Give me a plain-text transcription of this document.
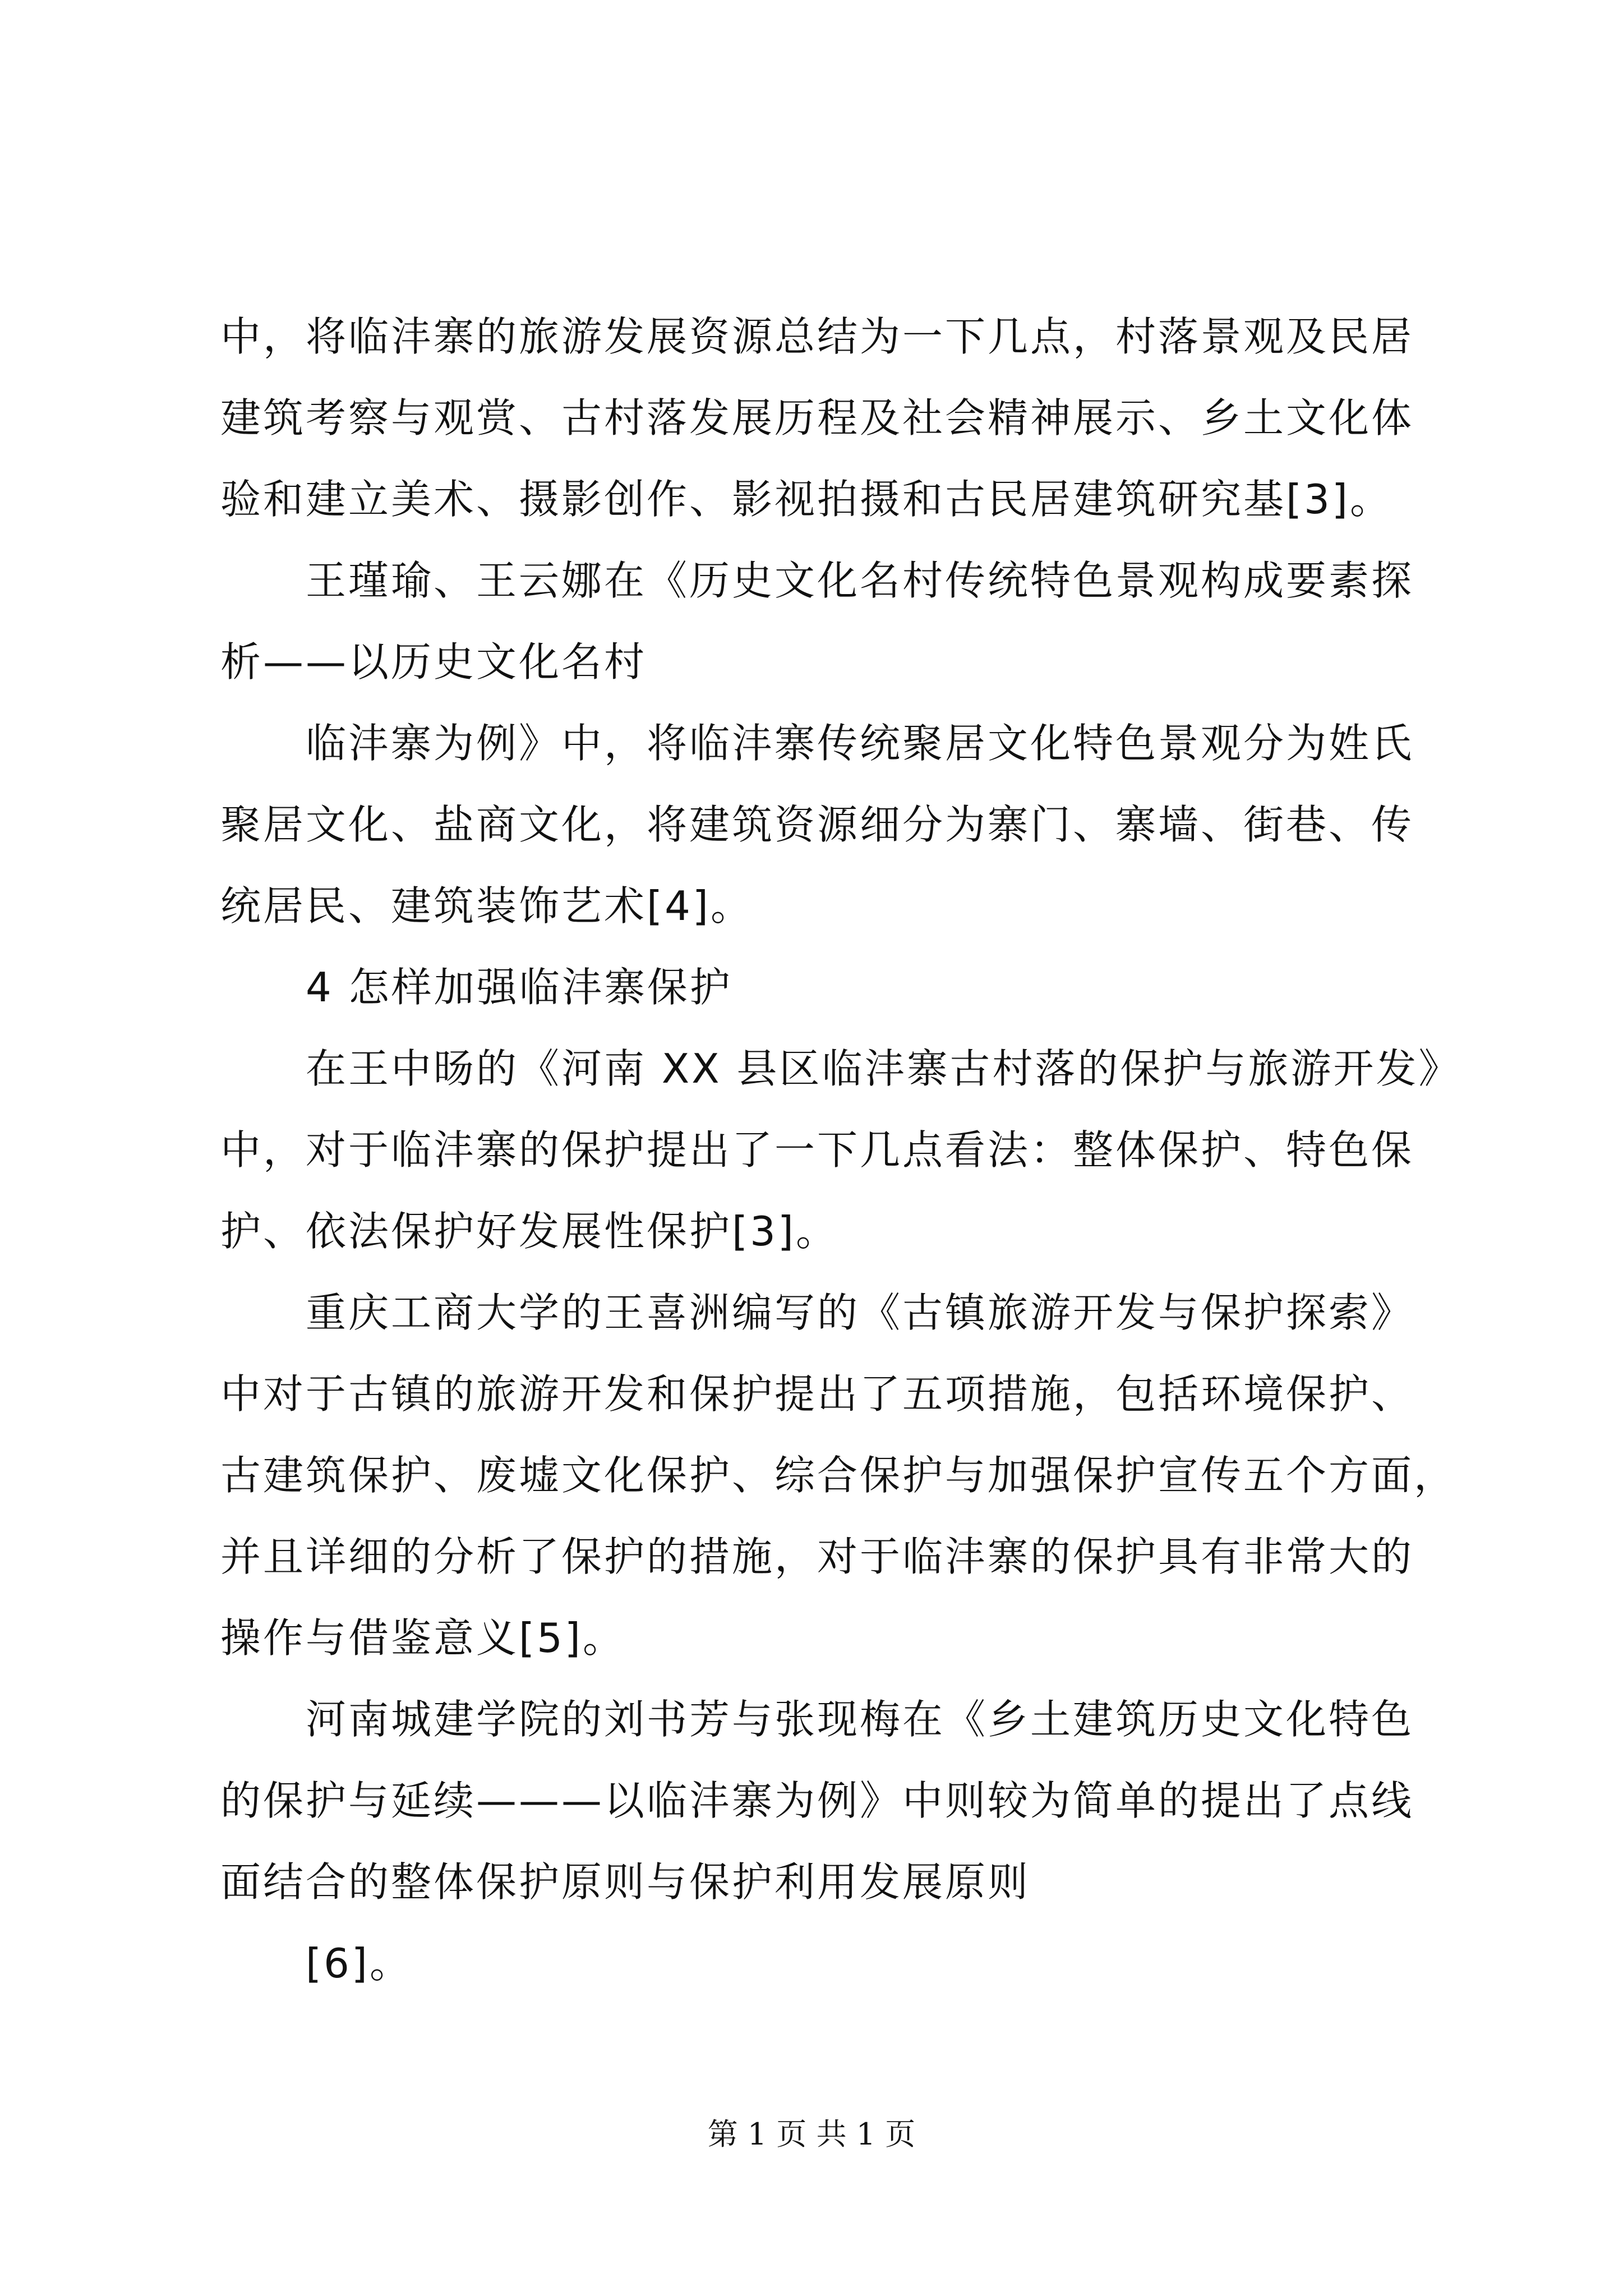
中，将临沣寨的旅游发展资源总结为一下几点，村落景观及民居
建筑考察与观赏、古村落发展历程及社会精神展示、乡土文化体
验和建立美术、摄影创作、影视拍摄和古民居建筑研究基[3]。
王瑾瑜、王云娜在《历史文化名村传统特色景观构成要素探
析——以历史文化名村
临沣寨为例》中，将临沣寨传统聚居文化特色景观分为姓氏
聚居文化、盐商文化，将建筑资源细分为寨门、寨墙、街巷、传
统居民、建筑装饰艺术[4]。
4 怎样加强临沣寨保护
在王中旸的《河南 XX 县区临沣寨古村落的保护与旅游开发》
中，对于临沣寨的保护提出了一下几点看法：整体保护、特色保
护、依法保护好发展性保护[3]。
重庆工商大学的王喜洲编写的《古镇旅游开发与保护探索》
中对于古镇的旅游开发和保护提出了五项措施，包括环境保护、
古建筑保护、废墟文化保护、综合保护与加强保护宣传五个方面，
并且详细的分析了保护的措施，对于临沣寨的保护具有非常大的
操作与借鉴意义[5]。
河南城建学院的刘书芳与张现梅在《乡土建筑历史文化特色
的保护与延续———以临沣寨为例》中则较为简单的提出了点线
面结合的整体保护原则与保护利用发展原则
[6]。
第 1 页 共 1 页
